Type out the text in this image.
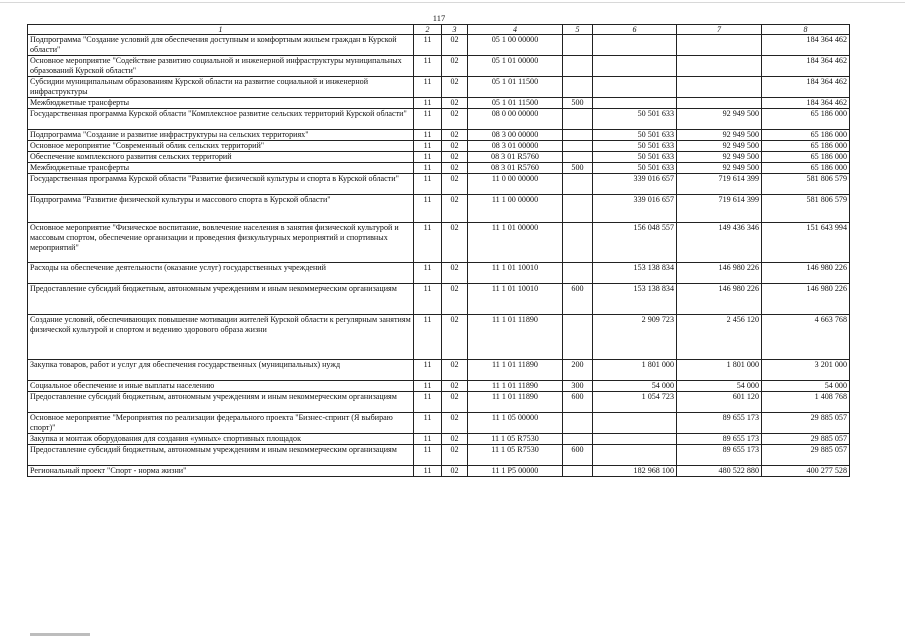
117
1	2	3	4	5	6	7	8
Подпрограмма "Создание условий для обеспечения доступным и комфортным жильем граждан в Курской области"	11	02	05 1 00 00000				184 364 462
Основное мероприятие "Содействие развитию социальной и инженерной инфраструктуры муниципальных образований Курской области"	11	02	05 1 01 00000				184 364 462
Субсидии муниципальным образованиям Курской области на развитие социальной и инженерной инфраструктуры	11	02	05 1 01 11500				184 364 462
Межбюджетные трансферты	11	02	05 1 01 11500	500			184 364 462
Государственная программа Курской области "Комплексное развитие сельских территорий Курской области"	11	02	08 0 00 00000		50 501 633	92 949 500	65 186 000
Подпрограмма "Создание и развитие инфраструктуры на сельских территориях"	11	02	08 3 00 00000		50 501 633	92 949 500	65 186 000
Основное мероприятие "Современный облик сельских территорий"	11	02	08 3 01 00000		50 501 633	92 949 500	65 186 000
Обеспечение комплексного развития сельских территорий	11	02	08 3 01 R5760		50 501 633	92 949 500	65 186 000
Межбюджетные трансферты	11	02	08 3 01 R5760	500	50 501 633	92 949 500	65 186 000
Государственная программа Курской области "Развитие физической культуры и спорта в Курской области"	11	02	11 0 00 00000		339 016 657	719 614 399	581 806 579
Подпрограмма "Развитие физической культуры и массового спорта в Курской области"	11	02	11 1 00 00000		339 016 657	719 614 399	581 806 579
Основное мероприятие "Физическое воспитание, вовлечение населения в занятия физической культурой и массовым спортом, обеспечение организации и проведения физкультурных мероприятий и спортивных мероприятий"	11	02	11 1 01 00000		156 048 557	149 436 346	151 643 994
Расходы на обеспечение деятельности (оказание услуг) государственных учреждений	11	02	11 1 01 10010		153 138 834	146 980 226	146 980 226
Предоставление субсидий бюджетным, автономным учреждениям и иным некоммерческим организациям	11	02	11 1 01 10010	600	153 138 834	146 980 226	146 980 226
Создание условий, обеспечивающих повышение мотивации жителей Курской области к регулярным занятиям физической культурой и спортом и ведению здорового образа жизни	11	02	11 1 01 11890		2 909 723	2 456 120	4 663 768
Закупка товаров, работ и услуг для обеспечения государственных (муниципальных) нужд	11	02	11 1 01 11890	200	1 801 000	1 801 000	3 201 000
Социальное обеспечение и иные выплаты населению	11	02	11 1 01 11890	300	54 000	54 000	54 000
Предоставление субсидий бюджетным, автономным учреждениям и иным некоммерческим организациям	11	02	11 1 01 11890	600	1 054 723	601 120	1 408 768
Основное мероприятие "Мероприятия по реализации федерального проекта "Бизнес-спринт (Я выбираю спорт)"	11	02	11 1 05 00000			89 655 173	29 885 057
Закупка и монтаж оборудования для создания «умных» спортивных площадок	11	02	11 1 05 R7530			89 655 173	29 885 057
Предоставление субсидий бюджетным, автономным учреждениям и иным некоммерческим организациям	11	02	11 1 05 R7530	600		89 655 173	29 885 057
Региональный проект "Спорт - норма жизни"	11	02	11 1 P5 00000		182 968 100	480 522 880	400 277 528
